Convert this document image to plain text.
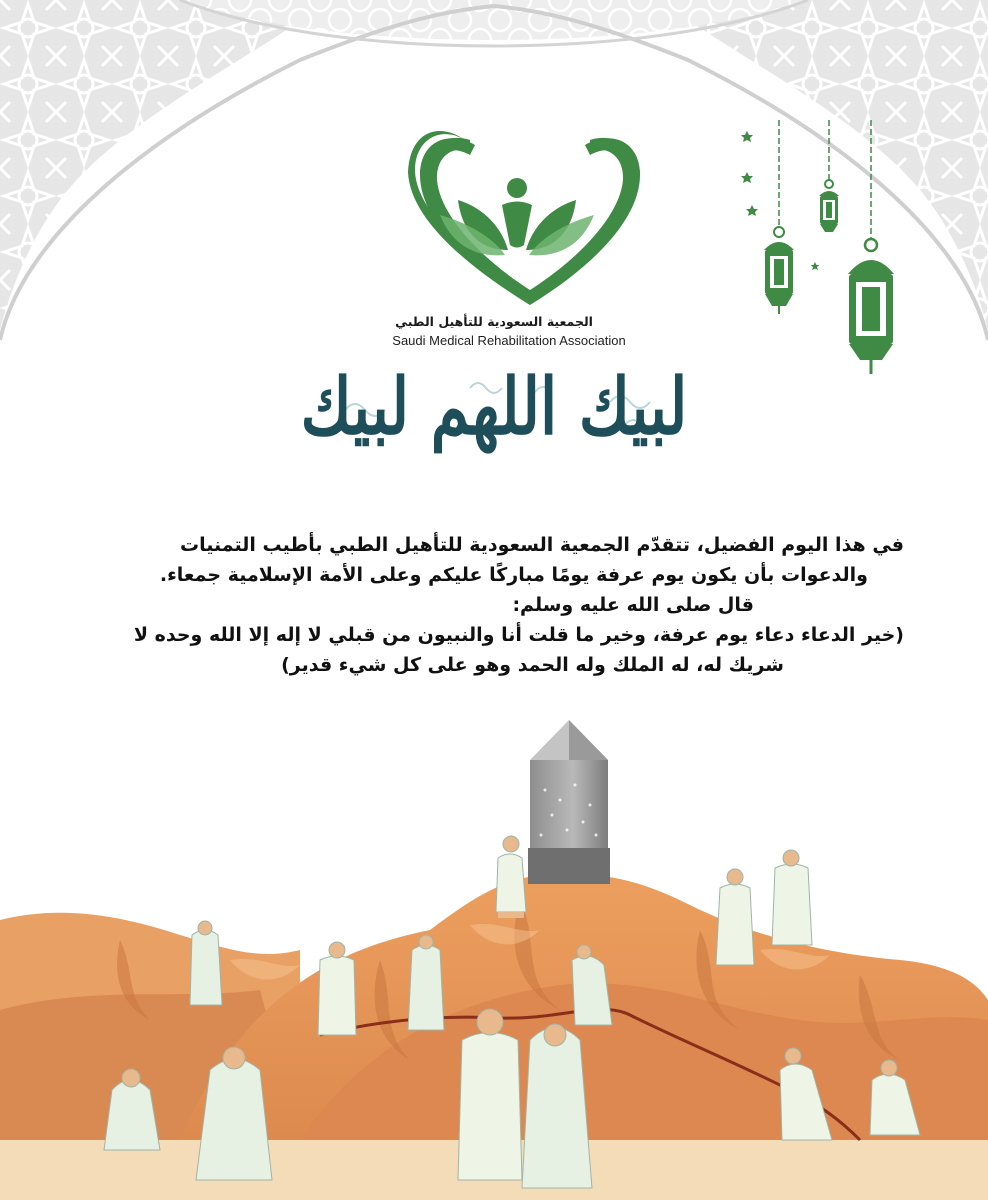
الجمعية السعودية للتأهيل الطبي
Saudi Medical Rehabilitation Association
لبيك اللهم لبيك
في هذا اليوم الفضيل، تتقدّم الجمعية السعودية للتأهيل الطبي بأطيب التمنيات
والدعوات بأن يكون يوم عرفة يومًا مباركًا عليكم وعلى الأمة الإسلامية جمعاء.
قال صلى الله عليه وسلم:
(خير الدعاء دعاء يوم عرفة، وخير ما قلت أنا والنبيون من قبلي لا إله إلا الله وحده لا
شريك له، له الملك وله الحمد وهو على كل شيء قدير)
